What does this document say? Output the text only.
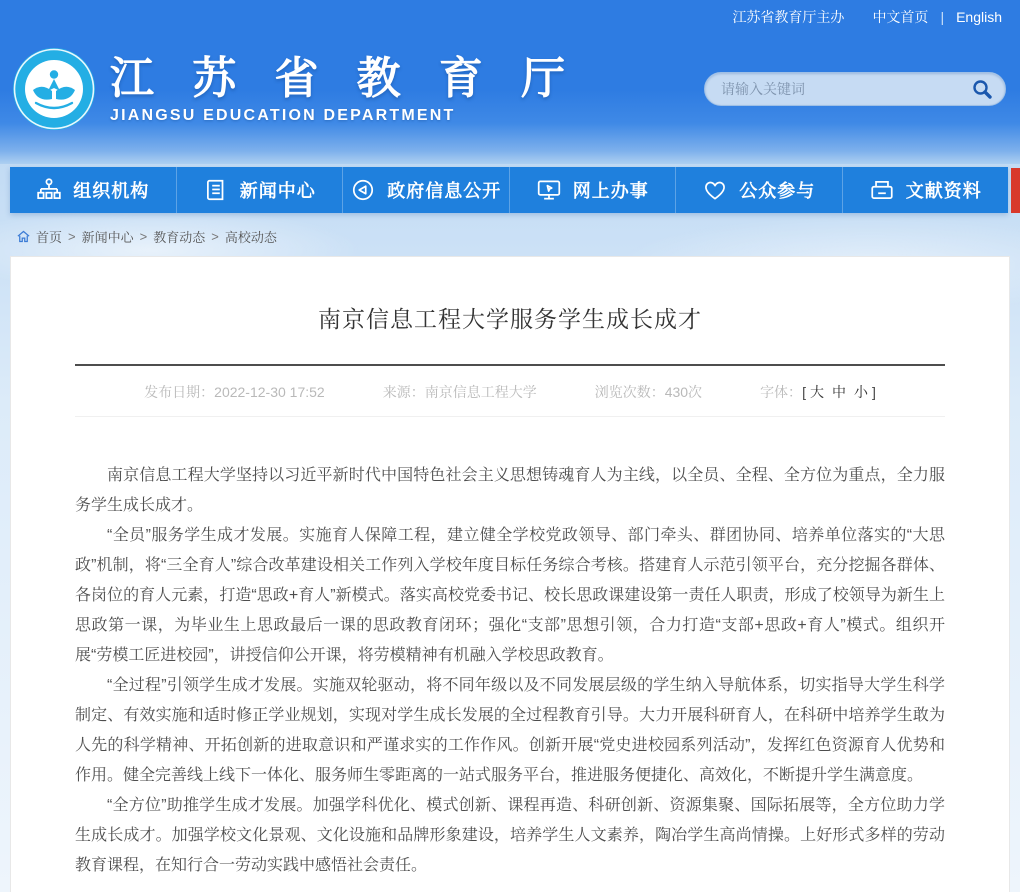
江苏省教育厅主办 中文首页 | English
江 苏 省 教 育 厅
JIANGSU EDUCATION DEPARTMENT
请输入关键词
组织机构	新闻中心	政府信息公开	网上办事	公众参与	文献资料
首页 > 新闻中心 > 教育动态 > 高校动态
南京信息工程大学服务学生成长成才
发布日期：2022-12-30 17:52	来源：南京信息工程大学	浏览次数：430次	字体：[ 大 中 小 ]

南京信息工程大学坚持以习近平新时代中国特色社会主义思想铸魂育人为主线，以全员、全程、全方位为重点，全力服务学生成长成才。

“全员”服务学生成才发展。实施育人保障工程，建立健全学校党政领导、部门牵头、群团协同、培养单位落实的“大思政”机制，将“三全育人”综合改革建设相关工作列入学校年度目标任务综合考核。搭建育人示范引领平台，充分挖掘各群体、各岗位的育人元素，打造“思政+育人”新模式。落实高校党委书记、校长思政课建设第一责任人职责，形成了校领导为新生上思政第一课，为毕业生上思政最后一课的思政教育闭环；强化“支部”思想引领，合力打造“支部+思政+育人”模式。组织开展“劳模工匠进校园”，讲授信仰公开课，将劳模精神有机融入学校思政教育。

“全过程”引领学生成才发展。实施双轮驱动，将不同年级以及不同发展层级的学生纳入导航体系，切实指导大学生科学制定、有效实施和适时修正学业规划，实现对学生成长发展的全过程教育引导。大力开展科研育人，在科研中培养学生敢为人先的科学精神、开拓创新的进取意识和严谨求实的工作作风。创新开展“党史进校园系列活动”，发挥红色资源育人优势和作用。健全完善线上线下一体化、服务师生零距离的一站式服务平台，推进服务便捷化、高效化，不断提升学生满意度。

“全方位”助推学生成才发展。加强学科优化、模式创新、课程再造、科研创新、资源集聚、国际拓展等，全方位助力学生成长成才。加强学校文化景观、文化设施和品牌形象建设，培养学生人文素养，陶冶学生高尚情操。上好形式多样的劳动教育课程，在知行合一劳动实践中感悟社会责任。
